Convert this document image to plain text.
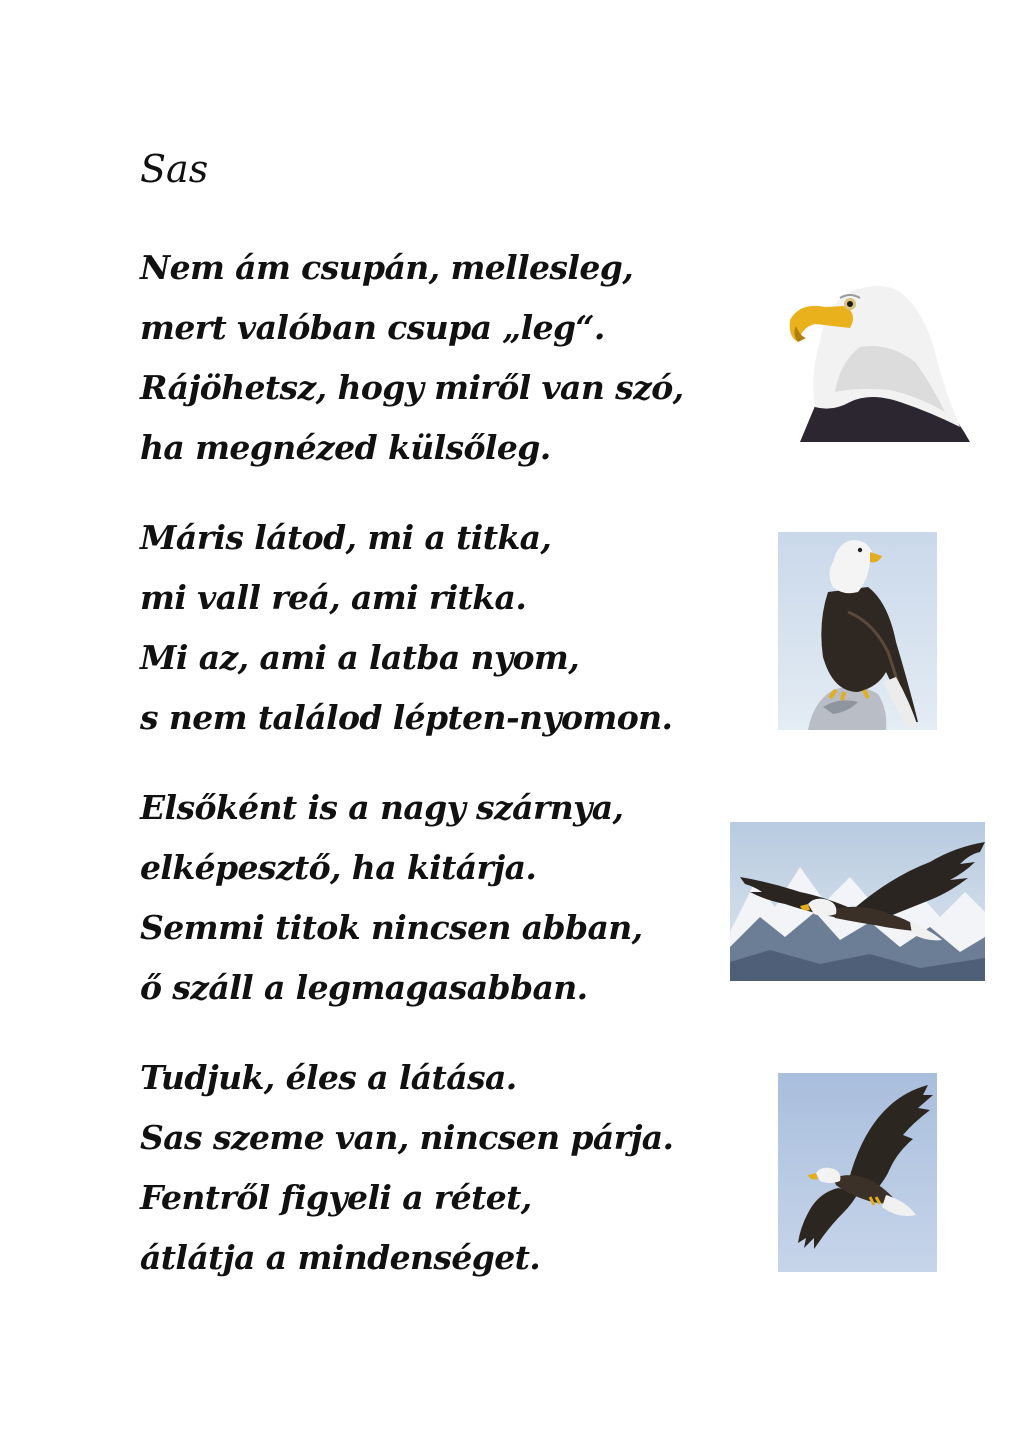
Sas
Nem ám csupán, mellesleg,
mert valóban csupa „leg“.
Rájöhetsz, hogy miről van szó,
ha megnézed külsőleg.
Máris látod, mi a titka,
mi vall reá, ami ritka.
Mi az, ami a latba nyom,
s nem találod lépten-nyomon.
Elsőként is a nagy szárnya,
elképesztő, ha kitárja.
Semmi titok nincsen abban,
ő száll a legmagasabban.
Tudjuk, éles a látása.
Sas szeme van, nincsen párja.
Fentről figyeli a rétet,
átlátja a mindenséget.
